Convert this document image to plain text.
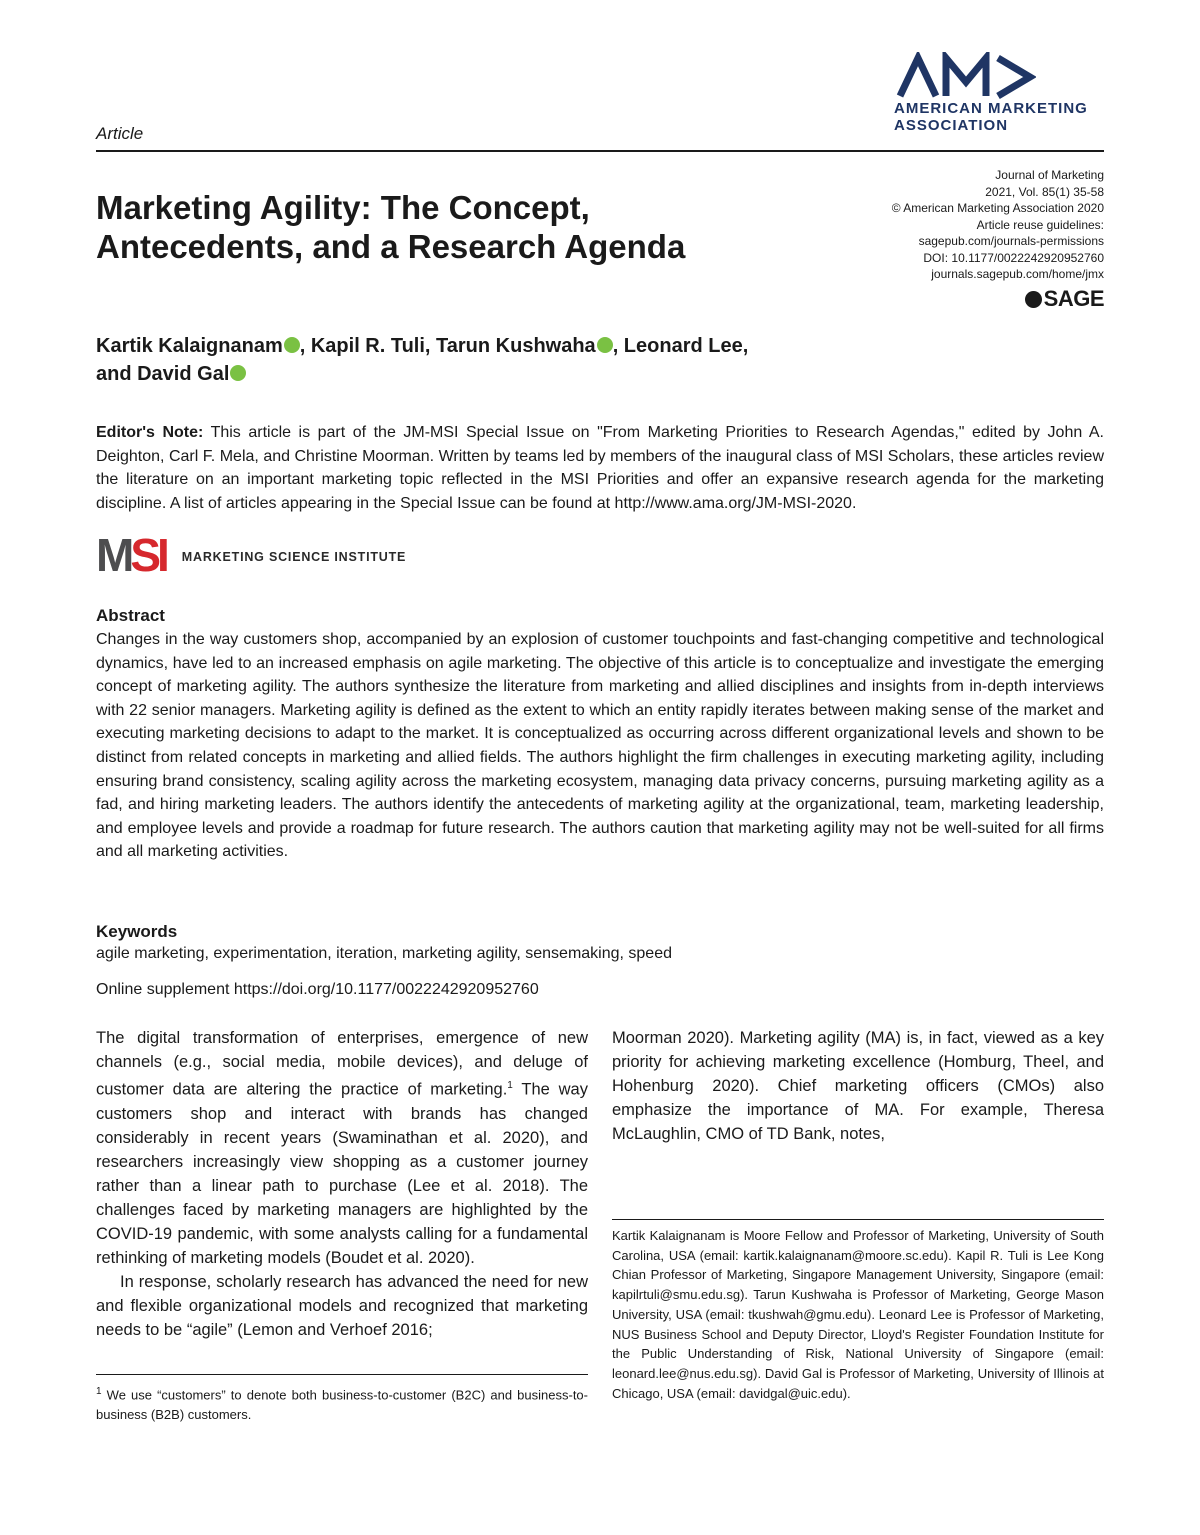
Article
AMERICAN MARKETING
ASSOCIATION
Marketing Agility: The Concept,
Antecedents, and a Research Agenda
Journal of Marketing
2021, Vol. 85(1) 35-58
© American Marketing Association 2020
Article reuse guidelines:
sagepub.com/journals-permissions
DOI: 10.1177/0022242920952760
journals.sagepub.com/home/jmx
SAGE
Kartik Kalaignanam , Kapil R. Tuli, Tarun Kushwaha , Leonard Lee,
and David Gal
Editor's Note: This article is part of the JM-MSI Special Issue on "From Marketing Priorities to Research Agendas," edited by John A. Deighton, Carl F. Mela, and Christine Moorman. Written by teams led by members of the inaugural class of MSI Scholars, these articles review the literature on an important marketing topic reflected in the MSI Priorities and offer an expansive research agenda for the marketing discipline. A list of articles appearing in the Special Issue can be found at http://www.ama.org/JM-MSI-2020.
M S I MARKETING SCIENCE INSTITUTE
Abstract
Changes in the way customers shop, accompanied by an explosion of customer touchpoints and fast-changing competitive and technological dynamics, have led to an increased emphasis on agile marketing. The objective of this article is to conceptualize and investigate the emerging concept of marketing agility. The authors synthesize the literature from marketing and allied disciplines and insights from in-depth interviews with 22 senior managers. Marketing agility is defined as the extent to which an entity rapidly iterates between making sense of the market and executing marketing decisions to adapt to the market. It is conceptualized as occurring across different organizational levels and shown to be distinct from related concepts in marketing and allied fields. The authors highlight the firm challenges in executing marketing agility, including ensuring brand consistency, scaling agility across the marketing ecosystem, managing data privacy concerns, pursuing marketing agility as a fad, and hiring marketing leaders. The authors identify the antecedents of marketing agility at the organizational, team, marketing leadership, and employee levels and provide a roadmap for future research. The authors caution that marketing agility may not be well-suited for all firms and all marketing activities.
Keywords
agile marketing, experimentation, iteration, marketing agility, sensemaking, speed
Online supplement https://doi.org/10.1177/0022242920952760

The digital transformation of enterprises, emergence of new channels (e.g., social media, mobile devices), and deluge of customer data are altering the practice of marketing.$^1$ The way customers shop and interact with brands has changed considerably in recent years (Swaminathan et al. 2020), and researchers increasingly view shopping as a customer journey rather than a linear path to purchase (Lee et al. 2018). The challenges faced by marketing managers are highlighted by the COVID-19 pandemic, with some analysts calling for a fundamental rethinking of marketing models (Boudet et al. 2020).

In response, scholarly research has advanced the need for new and flexible organizational models and recognized that marketing needs to be “agile” (Lemon and Verhoef 2016;

Moorman 2020). Marketing agility (MA) is, in fact, viewed as a key priority for achieving marketing excellence (Homburg, Theel, and Hohenburg 2020). Chief marketing officers (CMOs) also emphasize the importance of MA. For example, Theresa McLaughlin, CMO of TD Bank, notes,

$^1$ We use “customers” to denote both business-to-customer (B2C) and business-to-business (B2B) customers.
Kartik Kalaignanam is Moore Fellow and Professor of Marketing, University of South Carolina, USA (email: kartik.kalaignanam@moore.sc.edu). Kapil R. Tuli is Lee Kong Chian Professor of Marketing, Singapore Management University, Singapore (email: kapilrtuli@smu.edu.sg). Tarun Kushwaha is Professor of Marketing, George Mason University, USA (email: tkushwah@gmu.edu). Leonard Lee is Professor of Marketing, NUS Business School and Deputy Director, Lloyd's Register Foundation Institute for the Public Understanding of Risk, National University of Singapore (email: leonard.lee@nus.edu.sg). David Gal is Professor of Marketing, University of Illinois at Chicago, USA (email: davidgal@uic.edu).
